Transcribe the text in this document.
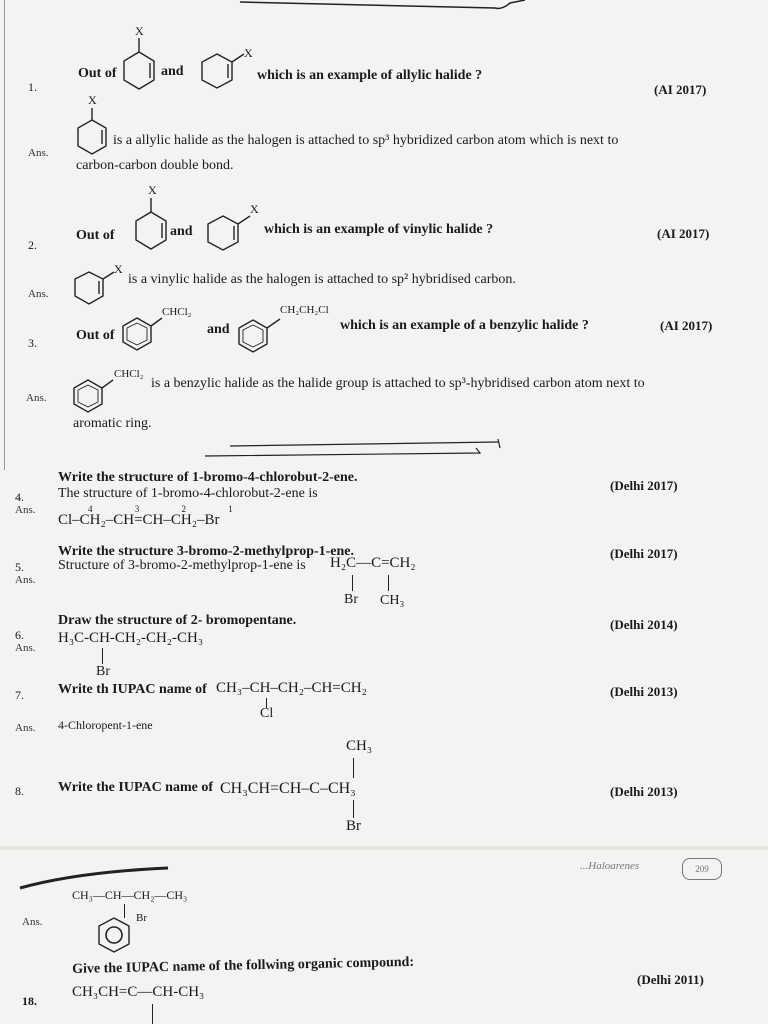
1.
Out of
X
and
X
which is an example of allylic halide ?
(AI 2017)
Ans.
X
is a allylic halide as the halogen is attached to sp³ hybridized carbon atom which is next to
carbon-carbon double bond.
2.
Out of
X
and
X
which is an example of vinylic halide ?	(AI 2017)
Ans.
X
is a vinylic halide as the halogen is attached to sp² hybridised carbon.
3.	Out of
CHCl₂
and
CH₂CH₂Cl
which is an example of a benzylic halide ?	(AI 2017)
Ans.
CHCl₂
is a benzylic halide as the halide group is attached to sp³-hybridised carbon atom next to
aromatic ring.
4.
Ans.
Write the structure of 1-bromo-4-chlorobut-2-ene.
(Delhi 2017)
The structure of 1-bromo-4-chlorobut-2-ene is
4 3 2 1
Cl–CH₂–CH=CH–CH₂–Br
5.
Ans.
Write the structure 3-bromo-2-methylprop-1-ene.	(Delhi 2017)
Structure of 3-bromo-2-methylprop-1-ene is H₂C—C=CH₂
Br CH₃
6.
Ans.
Draw the structure of 2- bromopentane.	(Delhi 2014)
H₃C-CH-CH₂-CH₂-CH₃
Br
7. Write th IUPAC name of CH₃–CH–CH₂–CH=CH₂
Cl
(Delhi 2013)
Ans. 4-Chloropent-1-ene
8. Write the IUPAC name of
CH₃
CH₃CH=CH–C–CH₃
Br
(Delhi 2013)
...Haloarenes	209
Ans.
CH₃—CH—CH₂—CH₃
Br
18.
Give the IUPAC name of the follwing organic compound:
(Delhi 2011)
CH₃CH=C—CH-CH₃
